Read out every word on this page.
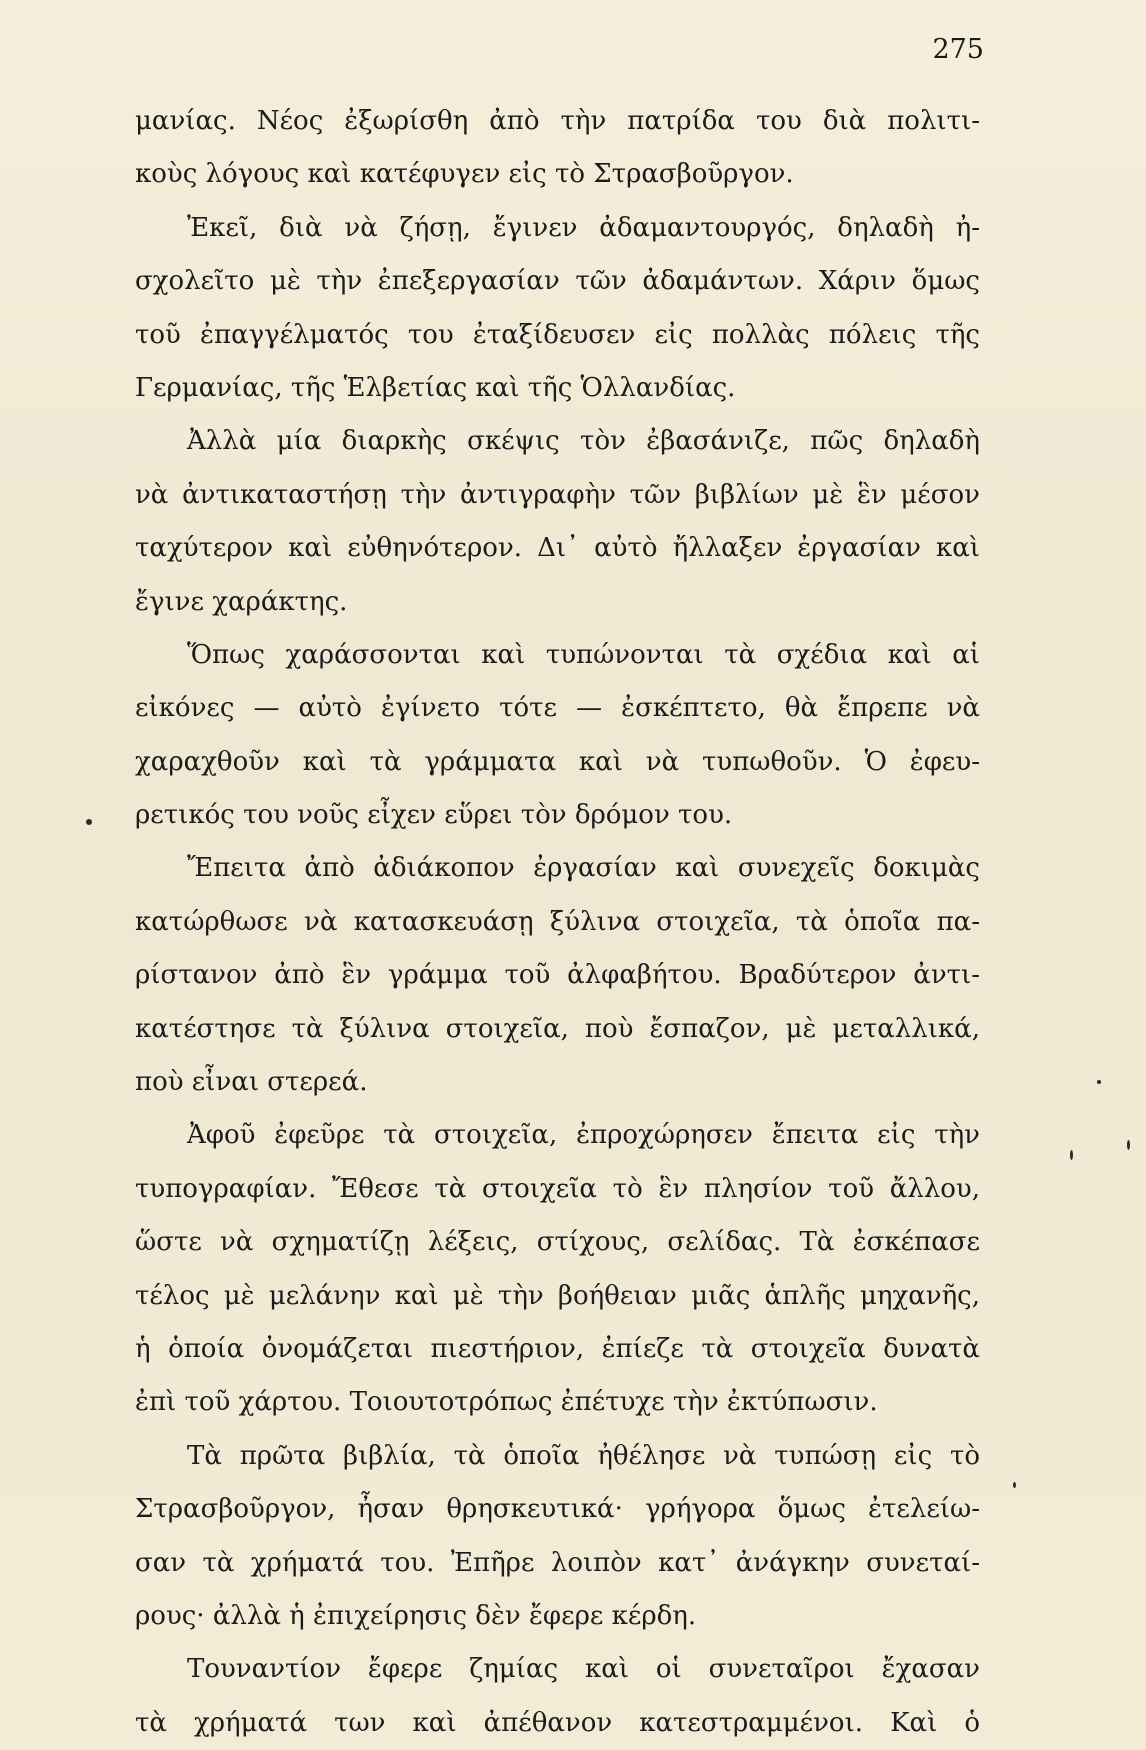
275
μανίας. Νέος ἐξωρίσθη ἀπὸ τὴν πατρίδα του διὰ πολιτι-
κοὺς λόγους καὶ κατέφυγεν εἰς τὸ Στρασβοῦργον.
Ἐκεῖ, διὰ νὰ ζήσῃ, ἔγινεν ἀδαμαντουργός, δηλαδὴ ἠ-
σχολεῖτο μὲ τὴν ἐπεξεργασίαν τῶν ἀδαμάντων. Χάριν ὅμως
τοῦ ἐπαγγέλματός του ἐταξίδευσεν εἰς πολλὰς πόλεις τῆς
Γερμανίας, τῆς Ἑλβετίας καὶ τῆς Ὁλλανδίας.
Ἀλλὰ μία διαρκὴς σκέψις τὸν ἐβασάνιζε, πῶς δηλαδὴ
νὰ ἀντικαταστήσῃ τὴν ἀντιγραφὴν τῶν βιβλίων μὲ ἓν μέσον
ταχύτερον καὶ εὐθηνότερον. Δι᾽ αὐτὸ ἤλλαξεν ἐργασίαν καὶ
ἔγινε χαράκτης.
Ὅπως χαράσσονται καὶ τυπώνονται τὰ σχέδια καὶ αἱ
εἰκόνες — αὐτὸ ἐγίνετο τότε — ἐσκέπτετο, θὰ ἔπρεπε νὰ
χαραχθοῦν καὶ τὰ γράμματα καὶ νὰ τυπωθοῦν. Ὁ ἐφευ-
ρετικός του νοῦς εἶχεν εὕρει τὸν δρόμον του.
Ἔπειτα ἀπὸ ἀδιάκοπον ἐργασίαν καὶ συνεχεῖς δοκιμὰς
κατώρθωσε νὰ κατασκευάσῃ ξύλινα στοιχεῖα, τὰ ὁποῖα πα-
ρίστανον ἀπὸ ἓν γράμμα τοῦ ἀλφαβήτου. Βραδύτερον ἀντι-
κατέστησε τὰ ξύλινα στοιχεῖα, ποὺ ἔσπαζον, μὲ μεταλλικά,
ποὺ εἶναι στερεά.
Ἀφοῦ ἐφεῦρε τὰ στοιχεῖα, ἐπροχώρησεν ἔπειτα εἰς τὴν
τυπογραφίαν. Ἔθεσε τὰ στοιχεῖα τὸ ἓν πλησίον τοῦ ἄλλου,
ὥστε νὰ σχηματίζῃ λέξεις, στίχους, σελίδας. Τὰ ἐσκέπασε
τέλος μὲ μελάνην καὶ μὲ τὴν βοήθειαν μιᾶς ἁπλῆς μηχανῆς,
ἡ ὁποία ὀνομάζεται πιεστήριον, ἐπίεζε τὰ στοιχεῖα δυνατὰ
ἐπὶ τοῦ χάρτου. Τοιουτοτρόπως ἐπέτυχε τὴν ἐκτύπωσιν.
Τὰ πρῶτα βιβλία, τὰ ὁποῖα ἠθέλησε νὰ τυπώσῃ εἰς τὸ
Στρασβοῦργον, ἦσαν θρησκευτικά· γρήγορα ὅμως ἐτελείω-
σαν τὰ χρήματά του. Ἐπῆρε λοιπὸν κατ᾽ ἀνάγκην συνεταί-
ρους· ἀλλὰ ἡ ἐπιχείρησις δὲν ἔφερε κέρδη.
Τουναντίον ἔφερε ζημίας καὶ οἱ συνεταῖροι ἔχασαν
τὰ χρήματά των καὶ ἀπέθανον κατεστραμμένοι. Καὶ ὁ
